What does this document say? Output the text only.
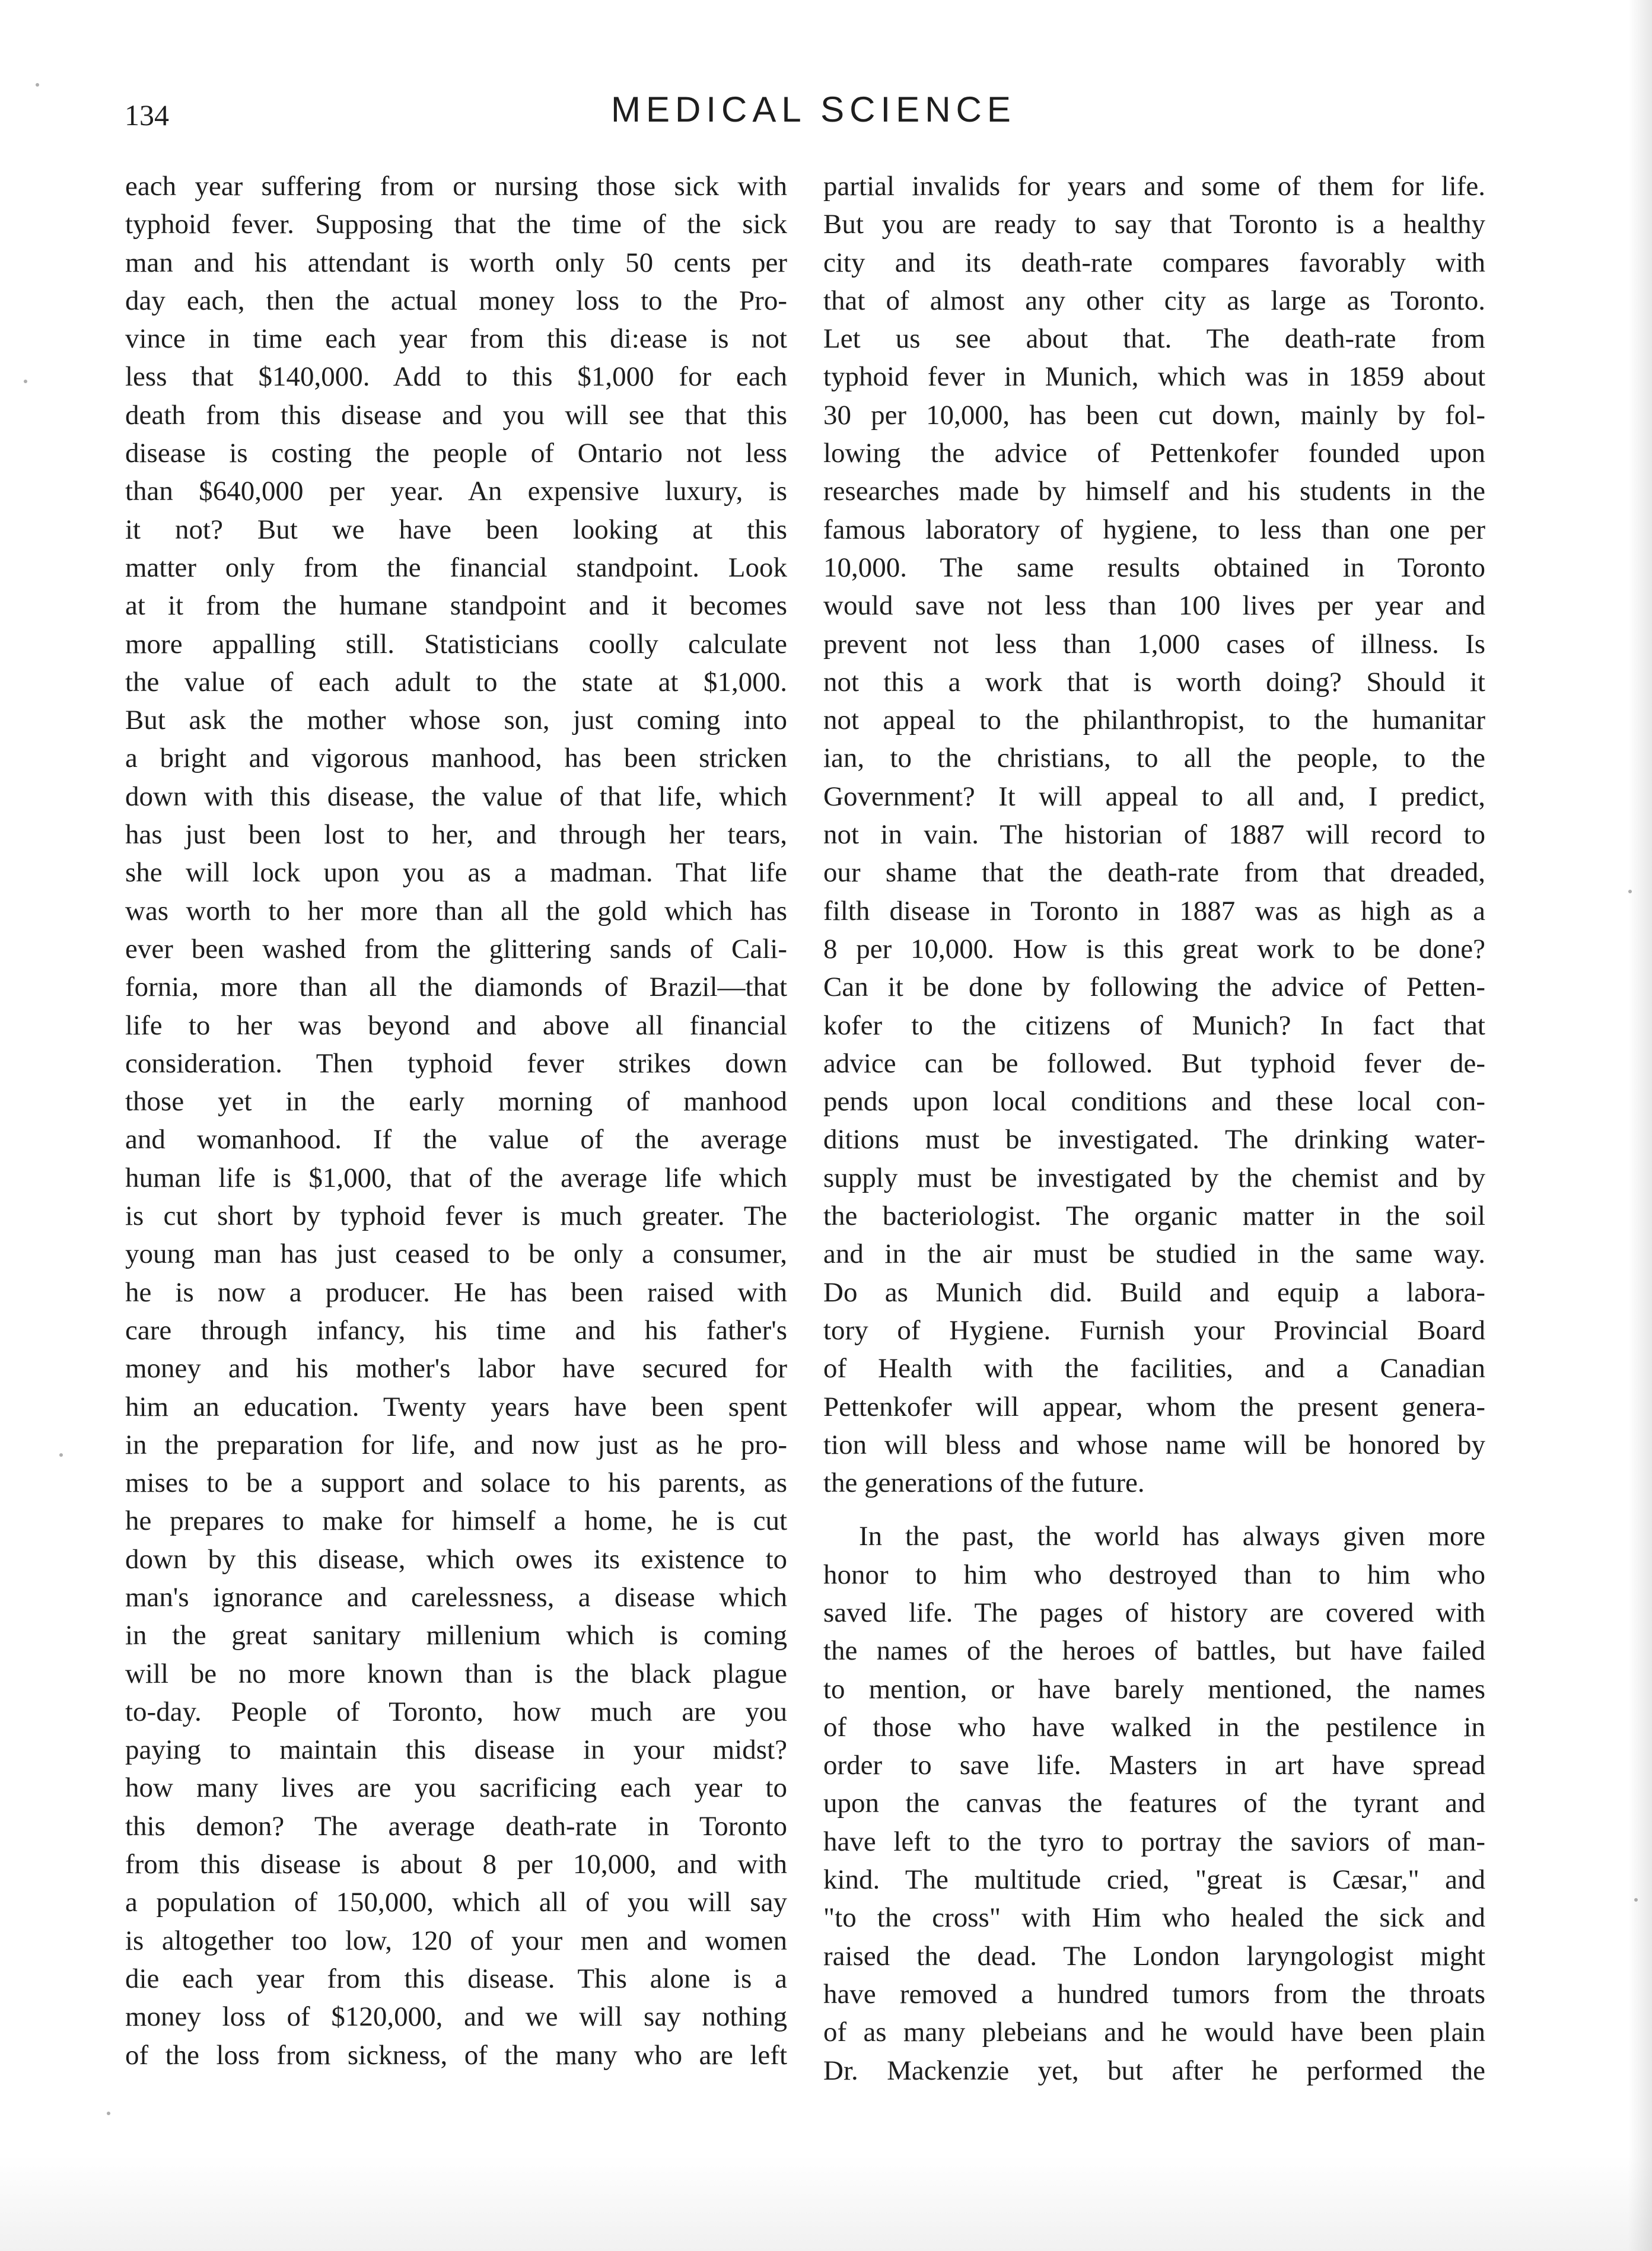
134	MEDICAL SCIENCE
each year suffering from or nursing those sick with
typhoid fever. Supposing that the time of the sick
man and his attendant is worth only 50 cents per
day each, then the actual money loss to the Pro-
vince in time each year from this di:ease is not
less that $140,000. Add to this $1,000 for each
death from this disease and you will see that this
disease is costing the people of Ontario not less
than $640,000 per year. An expensive luxury, is
it not? But we have been looking at this
matter only from the financial standpoint. Look
at it from the humane standpoint and it becomes
more appalling still. Statisticians coolly calculate
the value of each adult to the state at $1,000.
But ask the mother whose son, just coming into
a bright and vigorous manhood, has been stricken
down with this disease, the value of that life, which
has just been lost to her, and through her tears,
she will lock upon you as a madman. That life
was worth to her more than all the gold which has
ever been washed from the glittering sands of Cali-
fornia, more than all the diamonds of Brazil—that
life to her was beyond and above all financial
consideration. Then typhoid fever strikes down
those yet in the early morning of manhood
and womanhood. If the value of the average
human life is $1,000, that of the average life which
is cut short by typhoid fever is much greater. The
young man has just ceased to be only a consumer,
he is now a producer. He has been raised with
care through infancy, his time and his father's
money and his mother's labor have secured for
him an education. Twenty years have been spent
in the preparation for life, and now just as he pro-
mises to be a support and solace to his parents, as
he prepares to make for himself a home, he is cut
down by this disease, which owes its existence to
man's ignorance and carelessness, a disease which
in the great sanitary millenium which is coming
will be no more known than is the black plague
to-day. People of Toronto, how much are you
paying to maintain this disease in your midst?
how many lives are you sacrificing each year to
this demon? The average death-rate in Toronto
from this disease is about 8 per 10,000, and with
a population of 150,000, which all of you will say
is altogether too low, 120 of your men and women
die each year from this disease. This alone is a
money loss of $120,000, and we will say nothing
of the loss from sickness, of the many who are left
partial invalids for years and some of them for life.
But you are ready to say that Toronto is a healthy
city and its death-rate compares favorably with
that of almost any other city as large as Toronto.
Let us see about that. The death-rate from
typhoid fever in Munich, which was in 1859 about
30 per 10,000, has been cut down, mainly by fol-
lowing the advice of Pettenkofer founded upon
researches made by himself and his students in the
famous laboratory of hygiene, to less than one per
10,000. The same results obtained in Toronto
would save not less than 100 lives per year and
prevent not less than 1,000 cases of illness. Is
not this a work that is worth doing? Should it
not appeal to the philanthropist, to the humanitar
ian, to the christians, to all the people, to the
Government? It will appeal to all and, I predict,
not in vain. The historian of 1887 will record to
our shame that the death-rate from that dreaded,
filth disease in Toronto in 1887 was as high as a
8 per 10,000. How is this great work to be done?
Can it be done by following the advice of Petten-
kofer to the citizens of Munich? In fact that
advice can be followed. But typhoid fever de-
pends upon local conditions and these local con-
ditions must be investigated. The drinking water-
supply must be investigated by the chemist and by
the bacteriologist. The organic matter in the soil
and in the air must be studied in the same way.
Do as Munich did. Build and equip a labora-
tory of Hygiene. Furnish your Provincial Board
of Health with the facilities, and a Canadian
Pettenkofer will appear, whom the present genera-
tion will bless and whose name will be honored by
the generations of the future.
In the past, the world has always given more
honor to him who destroyed than to him who
saved life. The pages of history are covered with
the names of the heroes of battles, but have failed
to mention, or have barely mentioned, the names
of those who have walked in the pestilence in
order to save life. Masters in art have spread
upon the canvas the features of the tyrant and
have left to the tyro to portray the saviors of man-
kind. The multitude cried, "great is Cæsar," and
"to the cross" with Him who healed the sick and
raised the dead. The London laryngologist might
have removed a hundred tumors from the throats
of as many plebeians and he would have been plain
Dr. Mackenzie yet, but after he performed the
